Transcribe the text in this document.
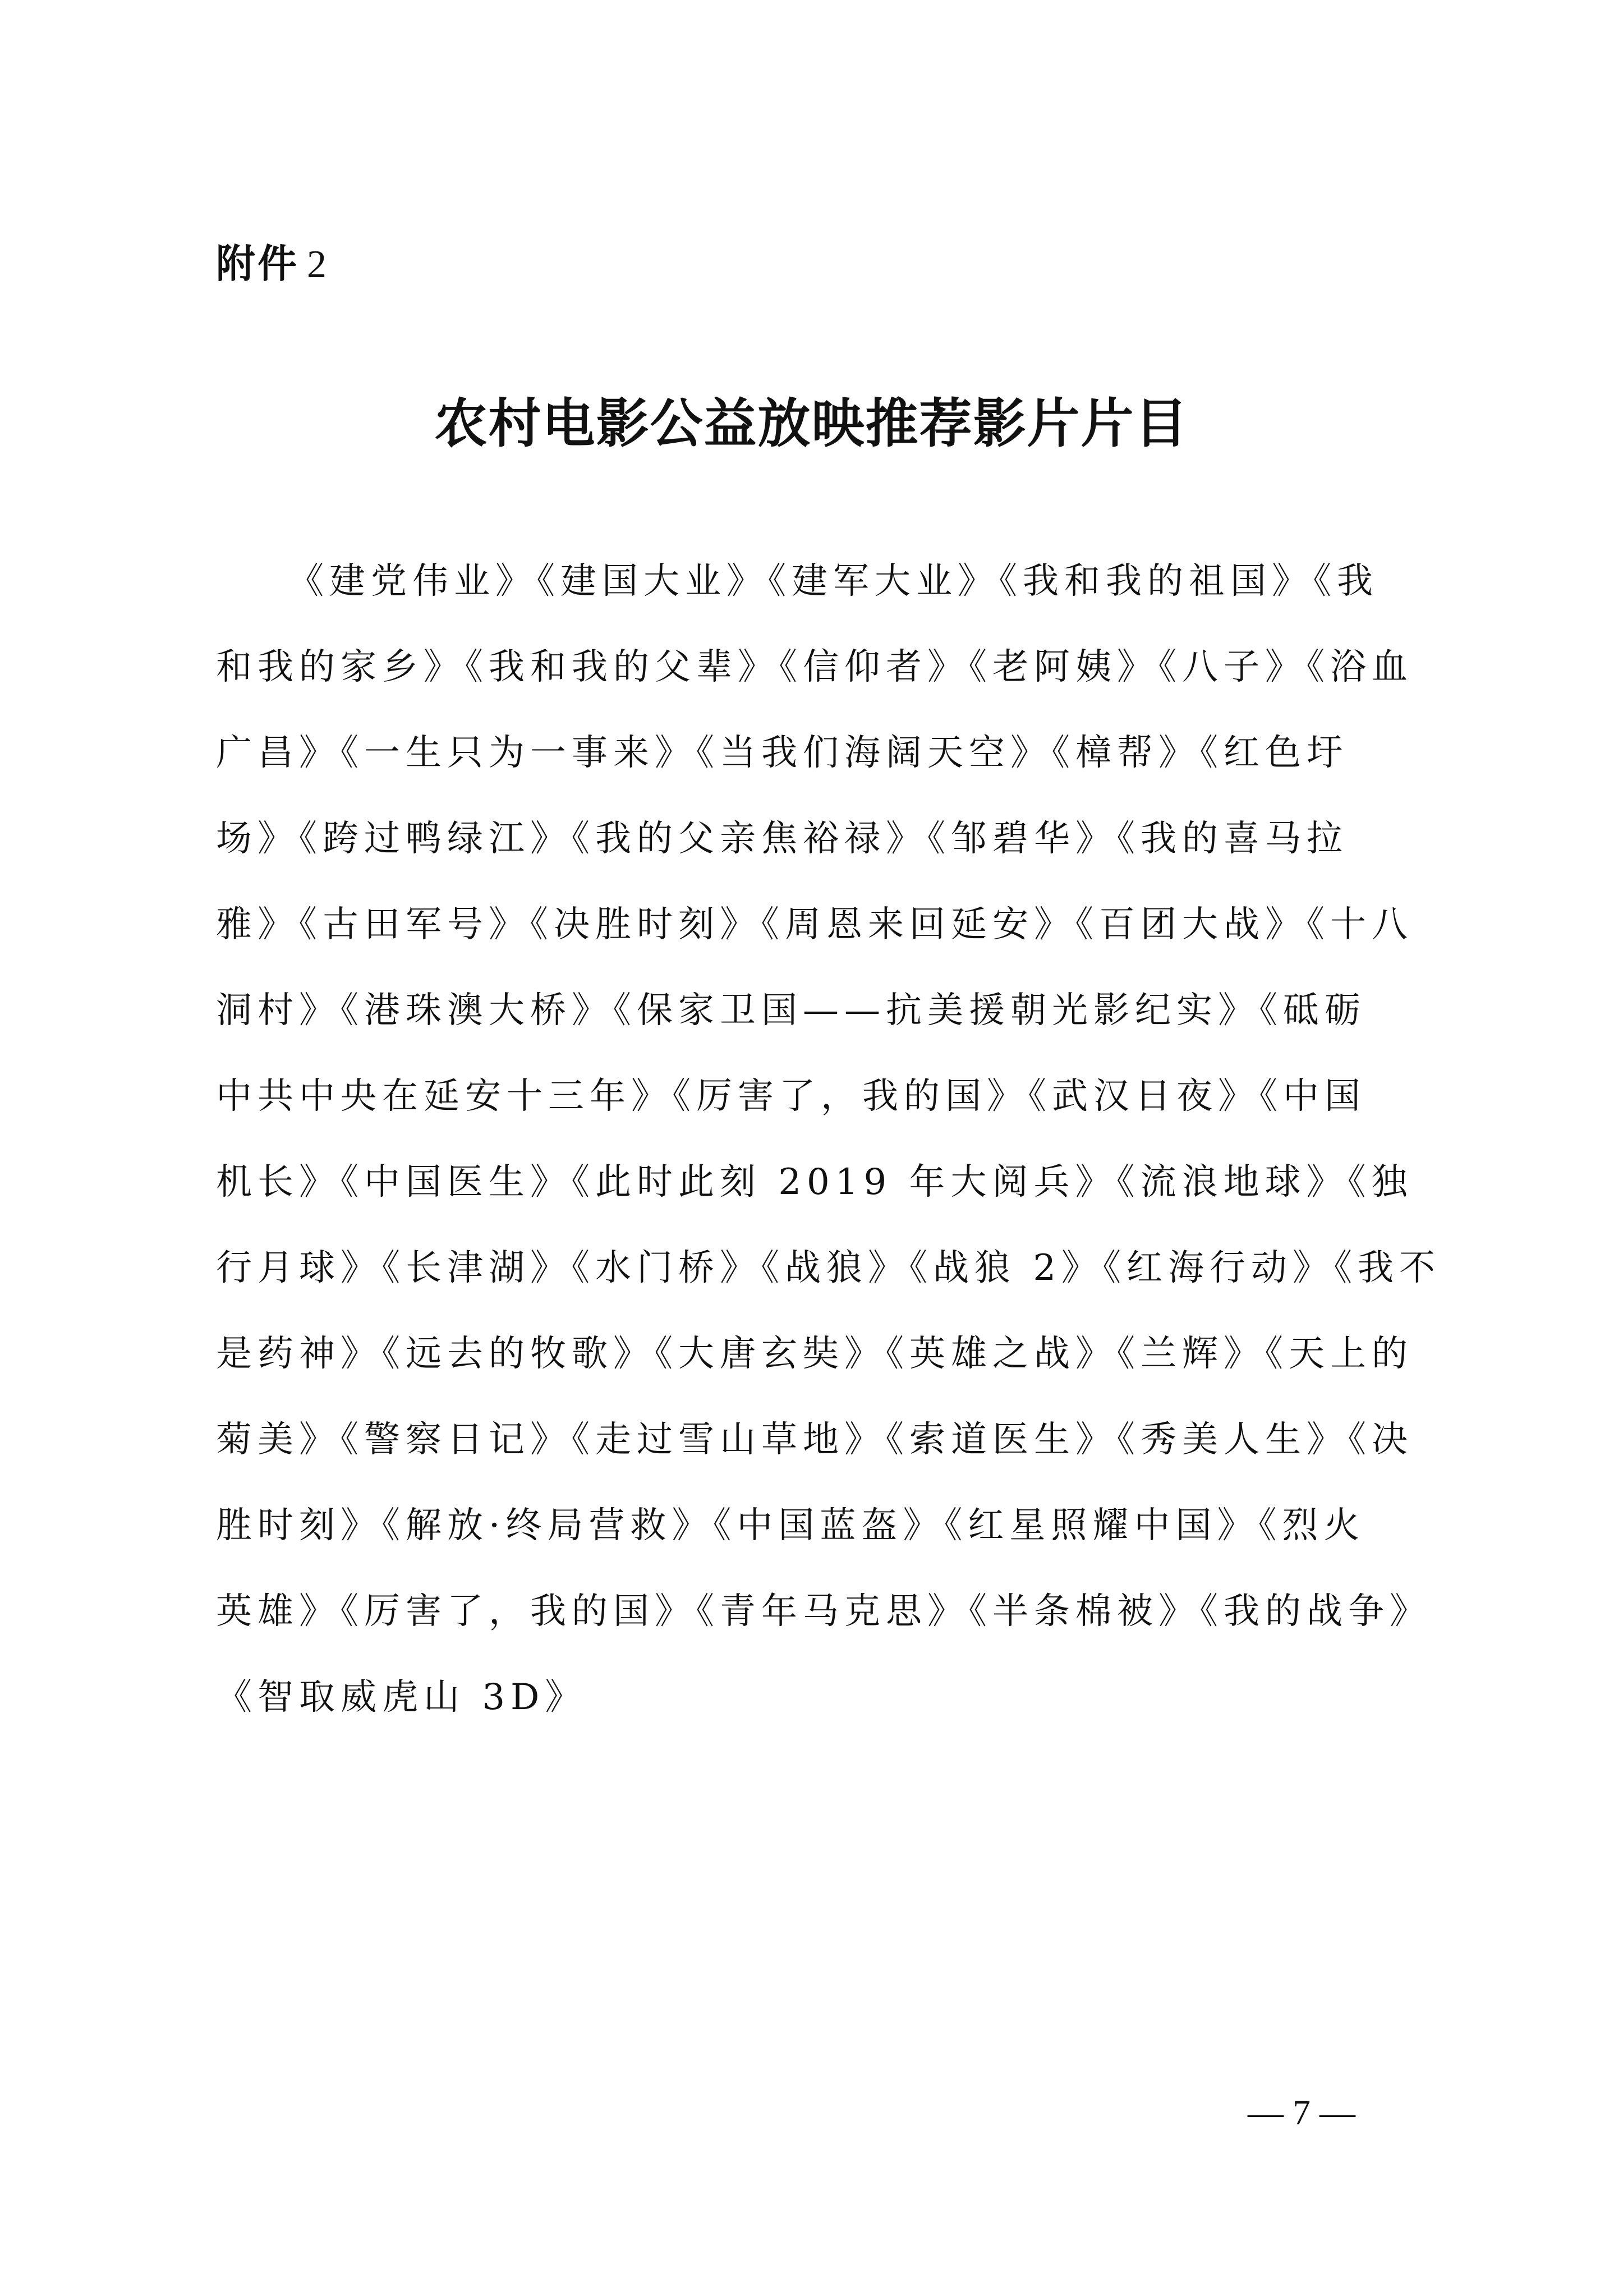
附件 2
农村电影公益放映推荐影片片目
《建党伟业》《建国大业》《建军大业》《我和我的祖国》《我
和我的家乡》《我和我的父辈》《信仰者》《老阿姨》《八子》《浴血
广昌》《一生只为一事来》《当我们海阔天空》《樟帮》《红色圩
场》《跨过鸭绿江》《我的父亲焦裕禄》《邹碧华》《我的喜马拉
雅》《古田军号》《决胜时刻》《周恩来回延安》《百团大战》《十八
洞村》《港珠澳大桥》《保家卫国——抗美援朝光影纪实》《砥砺
中共中央在延安十三年》《厉害了，我的国》《武汉日夜》《中国
机长》《中国医生》《此时此刻 2019 年大阅兵》《流浪地球》《独
行月球》《长津湖》《水门桥》《战狼》《战狼 2》《红海行动》《我不
是药神》《远去的牧歌》《大唐玄奘》《英雄之战》《兰辉》《天上的
菊美》《警察日记》《走过雪山草地》《索道医生》《秀美人生》《决
胜时刻》《解放·终局营救》《中国蓝盔》《红星照耀中国》《烈火
英雄》《厉害了，我的国》《青年马克思》《半条棉被》《我的战争》
《智取威虎山 3D》
— 7 —
